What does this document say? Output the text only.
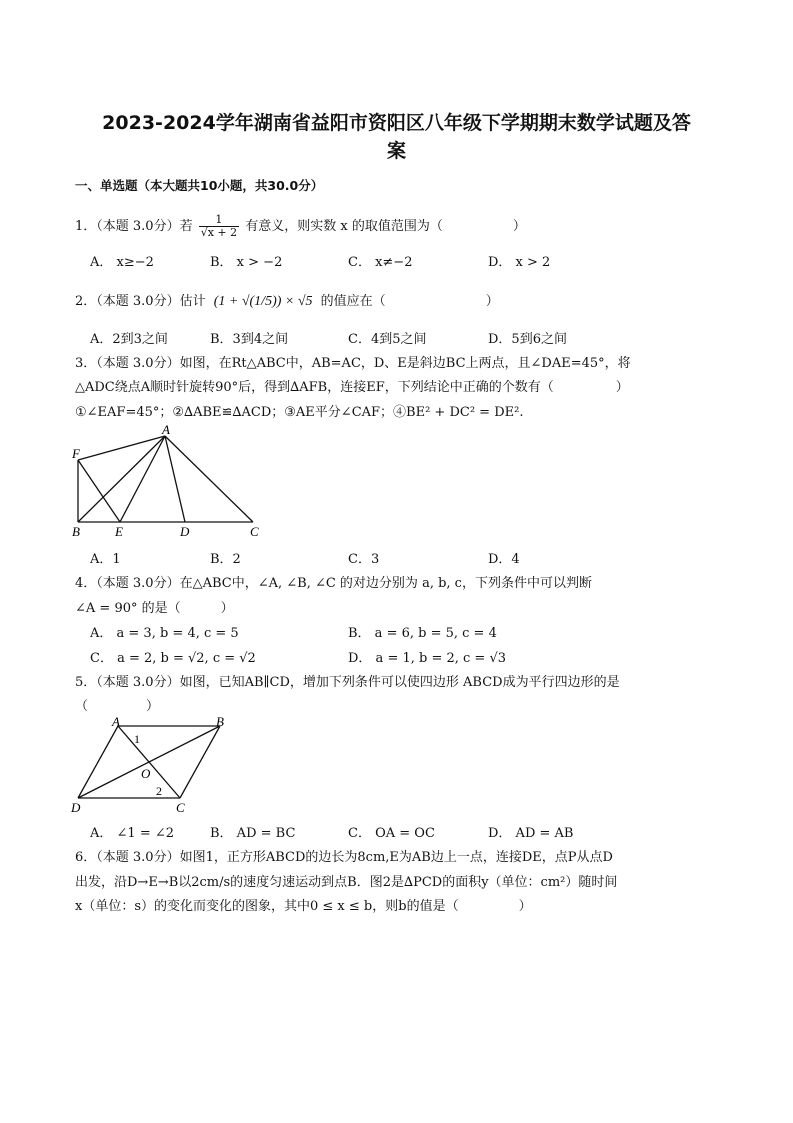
2023-2024学年湖南省益阳市资阳区八年级下学期期末数学试题及答
案
一、单选题（本大题共10小题，共30.0分）
1．（本题 3.0分）若 $\frac{1}{√x + 2}$ 有意义，则实数 x 的取值范围为（	）
A． x≥−2	B． x > −2	C． x≠−2	D． x > 2
2．（本题 3.0分）估计 (1 + √(1/5)) × √5 的值应在（	）
A．2到3之间	B．3到4之间	C．4到5之间	D．5到6之间
3．（本题 3.0分）如图，在Rt△ABC中，AB=AC，D、E是斜边BC上两点，且∠DAE=45°，将
△ADC绕点A顺时针旋转90°后，得到∆AFB，连接EF，下列结论中正确的个数有（	）
①∠EAF=45°；②∆ABE≌∆ACD；③AE平分∠CAF；④BE² + DC² = DE².
A
F
B	E	D	C
A．1	B．2	C．3	D．4
4．（本题 3.0分）在△ABC中，∠A, ∠B, ∠C 的对边分别为 a, b, c，下列条件中可以判断
∠A = 90° 的是（	）
A． a = 3, b = 4, c = 5	B． a = 6, b = 5, c = 4
C． a = 2, b = √2, c = √2	D． a = 1, b = 2, c = √3
5．（本题 3.0分）如图，已知AB∥CD，增加下列条件可以使四边形 ABCD成为平行四边形的是
（	）
A	B
1
O
2
D	C
A． ∠1 = ∠2	B． AD = BC	C． OA = OC	D． AD = AB
6．（本题 3.0分）如图1，正方形ABCD的边长为8cm,E为AB边上一点，连接DE，点P从点D
出发，沿D→E→B以2cm/s的速度匀速运动到点B．图2是∆PCD的面积y（单位：cm²）随时间
x（单位：s）的变化而变化的图象，其中0 ≤ x ≤ b，则b的值是（	）
